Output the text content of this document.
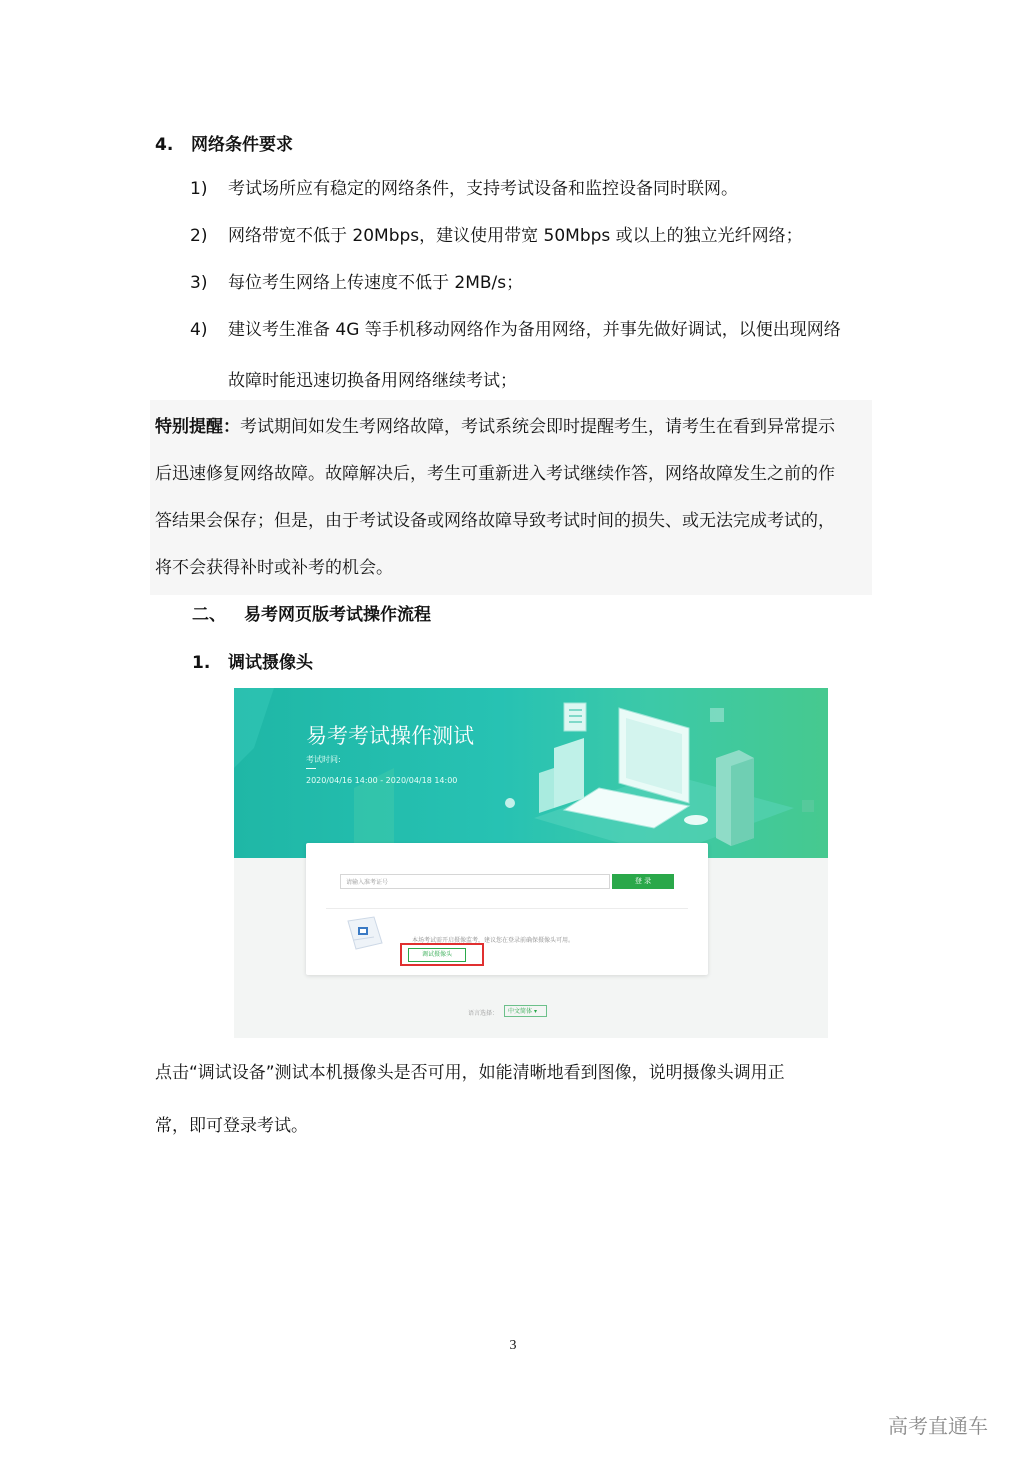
4. 网络条件要求
1) 考试场所应有稳定的网络条件，支持考试设备和监控设备同时联网。
2) 网络带宽不低于 20Mbps，建议使用带宽 50Mbps 或以上的独立光纤网络；
3) 每位考生网络上传速度不低于 2MB/s；
4) 建议考生准备 4G 等手机移动网络作为备用网络，并事先做好调试，以便出现网络
故障时能迅速切换备用网络继续考试；
特别提醒：考试期间如发生考网络故障，考试系统会即时提醒考生，请考生在看到异常提示
后迅速修复网络故障。故障解决后，考生可重新进入考试继续作答，网络故障发生之前的作
答结果会保存；但是，由于考试设备或网络故障导致考试时间的损失、或无法完成考试的，
将不会获得补时或补考的机会。
二、 易考网页版考试操作流程
1. 调试摄像头
易考考试操作测试
考试时间:
2020/04/16 14:00 - 2020/04/18 14:00
请输入准考证号	登 录
本场考试需开启摄像监考，建议您在登录前确保摄像头可用。
调试摄像头
语言选择：	中文简体 ▾
点击“调试设备”测试本机摄像头是否可用，如能清晰地看到图像，说明摄像头调用正
常，即可登录考试。
3
高考直通车
